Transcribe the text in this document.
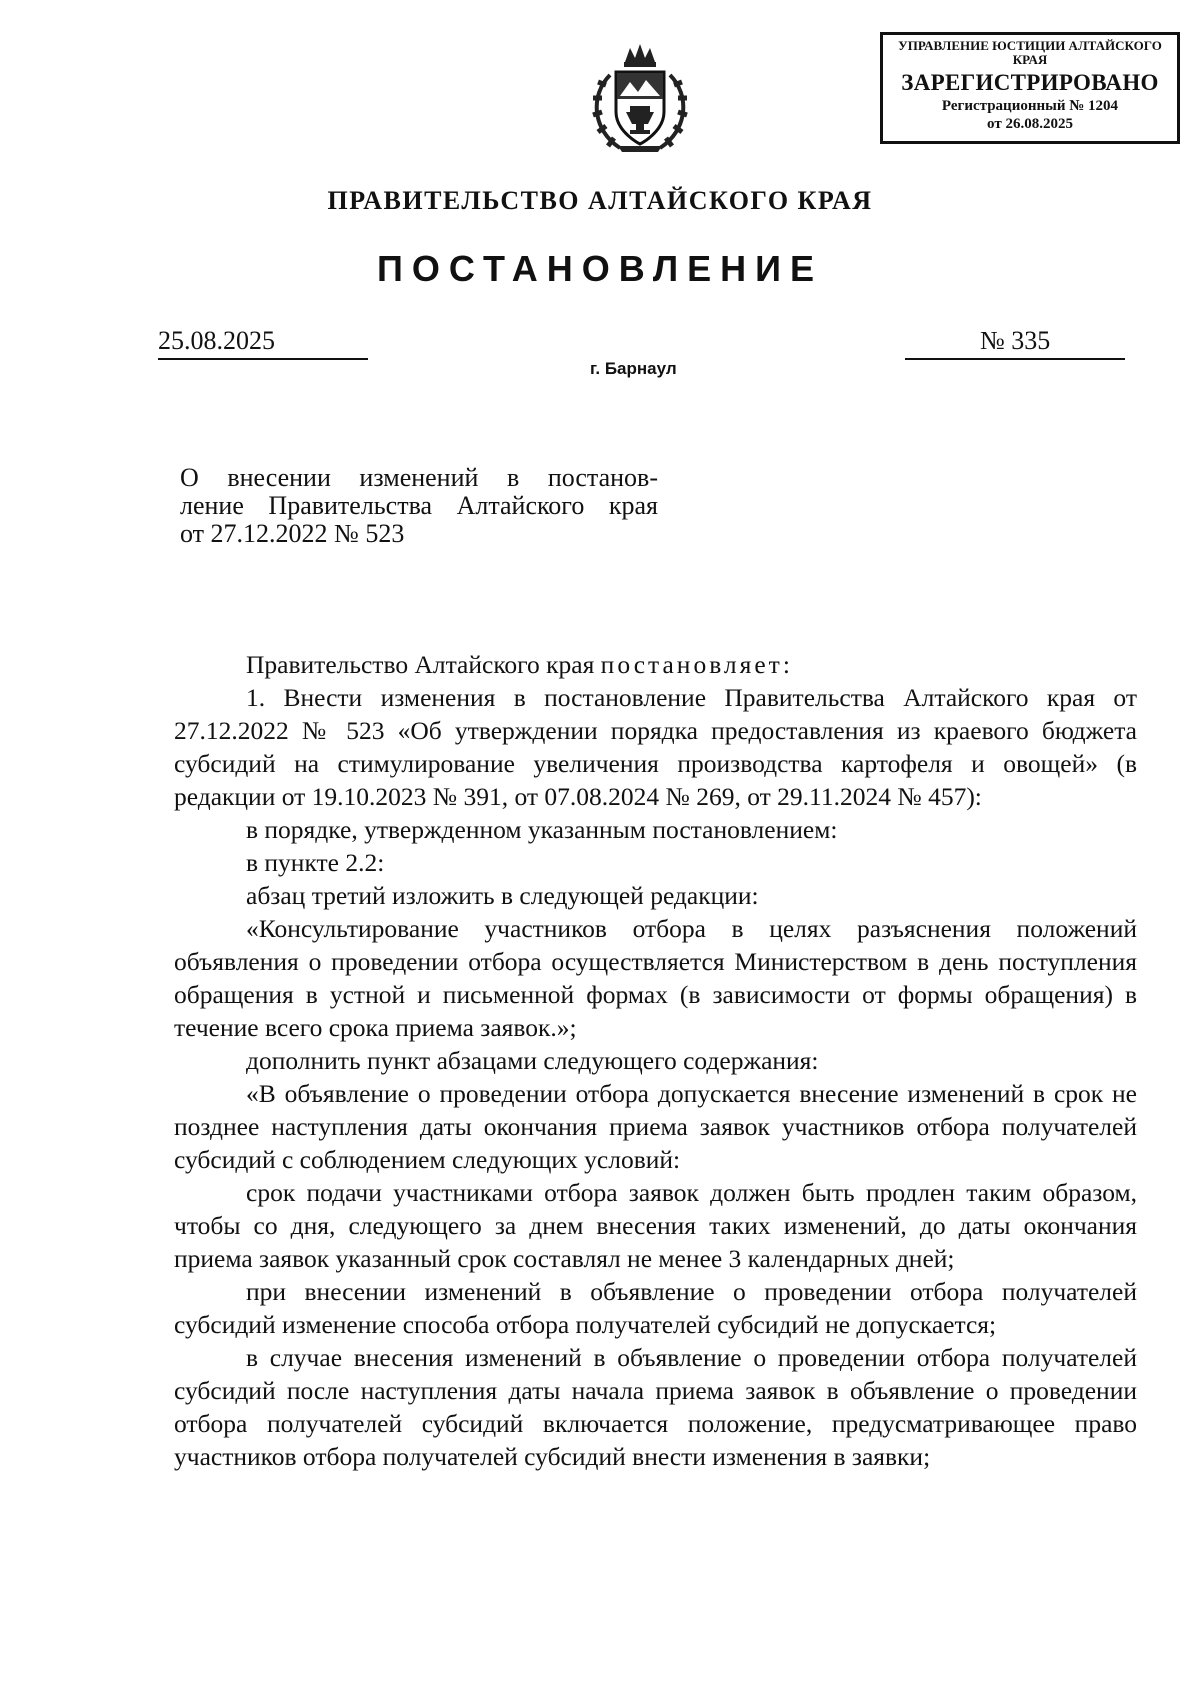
УПРАВЛЕНИЕ ЮСТИЦИИ АЛТАЙСКОГО КРАЯ
ЗАРЕГИСТРИРОВАНО
Регистрационный № 1204
от 26.08.2025
ПРАВИТЕЛЬСТВО АЛТАЙСКОГО КРАЯ
ПОСТАНОВЛЕНИЕ
25.08.2025	№ 335
г. Барнаул
О внесении изменений в постанов-
ление Правительства Алтайского края
от 27.12.2022 № 523

Правительство Алтайского края постановляет:

1. Внести изменения в постановление Правительства Алтайского края от 27.12.2022 № 523 «Об утверждении порядка предоставления из краевого бюджета субсидий на стимулирование увеличения производства картофеля и овощей» (в редакции от 19.10.2023 № 391, от 07.08.2024 № 269, от 29.11.2024 № 457):

в порядке, утвержденном указанным постановлением:

в пункте 2.2:

абзац третий изложить в следующей редакции:

«Консультирование участников отбора в целях разъяснения положений объявления о проведении отбора осуществляется Министерством в день поступления обращения в устной и письменной формах (в зависимости от формы обращения) в течение всего срока приема заявок.»;

дополнить пункт абзацами следующего содержания:

«В объявление о проведении отбора допускается внесение изменений в срок не позднее наступления даты окончания приема заявок участников отбора получателей субсидий с соблюдением следующих условий:

срок подачи участниками отбора заявок должен быть продлен таким образом, чтобы со дня, следующего за днем внесения таких изменений, до даты окончания приема заявок указанный срок составлял не менее 3 календарных дней;

при внесении изменений в объявление о проведении отбора получателей субсидий изменение способа отбора получателей субсидий не допускается;

в случае внесения изменений в объявление о проведении отбора получателей субсидий после наступления даты начала приема заявок в объявление о проведении отбора получателей субсидий включается положение, предусматривающее право участников отбора получателей субсидий внести изменения в заявки;
